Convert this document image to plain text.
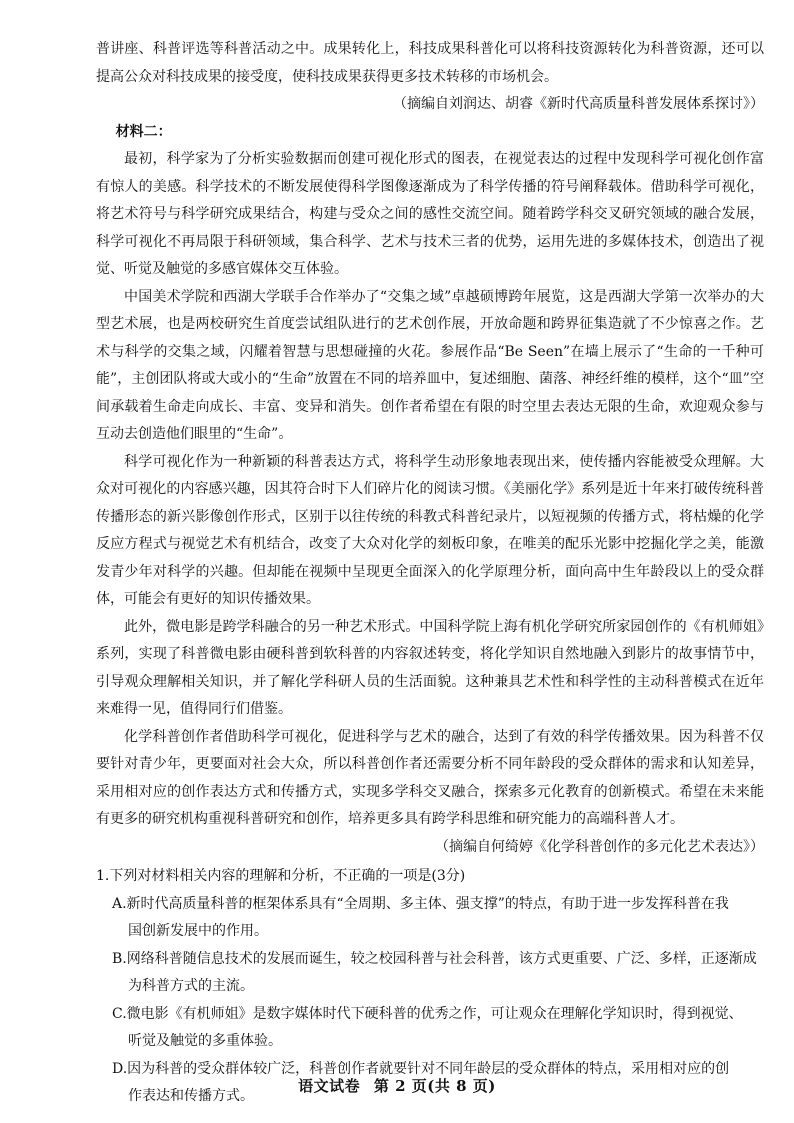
普讲座、科普评选等科普活动之中。成果转化上，科技成果科普化可以将科技资源转化为科普资源，还可以提高公众对科技成果的接受度，使科技成果获得更多技术转移的市场机会。

（摘编自刘润达、胡睿《新时代高质量科普发展体系探讨》）

材料二：

最初，科学家为了分析实验数据而创建可视化形式的图表，在视觉表达的过程中发现科学可视化创作富有惊人的美感。科学技术的不断发展使得科学图像逐渐成为了科学传播的符号阐释载体。借助科学可视化，将艺术符号与科学研究成果结合，构建与受众之间的感性交流空间。随着跨学科交叉研究领域的融合发展，科学可视化不再局限于科研领域，集合科学、艺术与技术三者的优势，运用先进的多媒体技术，创造出了视觉、听觉及触觉的多感官媒体交互体验。

中国美术学院和西湖大学联手合作举办了“交集之域”卓越硕博跨年展览，这是西湖大学第一次举办的大型艺术展，也是两校研究生首度尝试组队进行的艺术创作展，开放命题和跨界征集造就了不少惊喜之作。艺术与科学的交集之域，闪耀着智慧与思想碰撞的火花。参展作品“Be Seen”在墙上展示了“生命的一千种可能”，主创团队将或大或小的“生命”放置在不同的培养皿中，复述细胞、菌落、神经纤维的模样，这个“皿”空间承载着生命走向成长、丰富、变异和消失。创作者希望在有限的时空里去表达无限的生命，欢迎观众参与互动去创造他们眼里的“生命”。

科学可视化作为一种新颖的科普表达方式，将科学生动形象地表现出来，使传播内容能被受众理解。大众对可视化的内容感兴趣，因其符合时下人们碎片化的阅读习惯。《美丽化学》系列是近十年来打破传统科普传播形态的新兴影像创作形式，区别于以往传统的科教式科普纪录片，以短视频的传播方式，将枯燥的化学反应方程式与视觉艺术有机结合，改变了大众对化学的刻板印象，在唯美的配乐光影中挖掘化学之美，能激发青少年对科学的兴趣。但却能在视频中呈现更全面深入的化学原理分析，面向高中生年龄段以上的受众群体，可能会有更好的知识传播效果。

此外，微电影是跨学科融合的另一种艺术形式。中国科学院上海有机化学研究所家园创作的《有机师姐》系列，实现了科普微电影由硬科普到软科普的内容叙述转变，将化学知识自然地融入到影片的故事情节中，引导观众理解相关知识，并了解化学科研人员的生活面貌。这种兼具艺术性和科学性的主动科普模式在近年来难得一见，值得同行们借鉴。

化学科普创作者借助科学可视化，促进科学与艺术的融合，达到了有效的科学传播效果。因为科普不仅要针对青少年，更要面对社会大众，所以科普创作者还需要分析不同年龄段的受众群体的需求和认知差异，采用相对应的创作表达方式和传播方式，实现多学科交叉融合，探索多元化教育的创新模式。希望在未来能有更多的研究机构重视科普研究和创作，培养更多具有跨学科思维和研究能力的高端科普人才。

（摘编自何绮婷《化学科普创作的多元化艺术表达》）

1.下列对材料相关内容的理解和分析，不正确的一项是(3分)

A.新时代高质量科普的框架体系具有“全周期、多主体、强支撑”的特点，有助于进一步发挥科普在我
国创新发展中的作用。
B.网络科普随信息技术的发展而诞生，较之校园科普与社会科普，该方式更重要、广泛、多样，正逐渐成
为科普方式的主流。
C.微电影《有机师姐》是数字媒体时代下硬科普的优秀之作，可让观众在理解化学知识时，得到视觉、
听觉及触觉的多重体验。
D.因为科普的受众群体较广泛，科普创作者就要针对不同年龄层的受众群体的特点，采用相对应的创
作表达和传播方式。
语文试卷 第 2 页(共 8 页)
